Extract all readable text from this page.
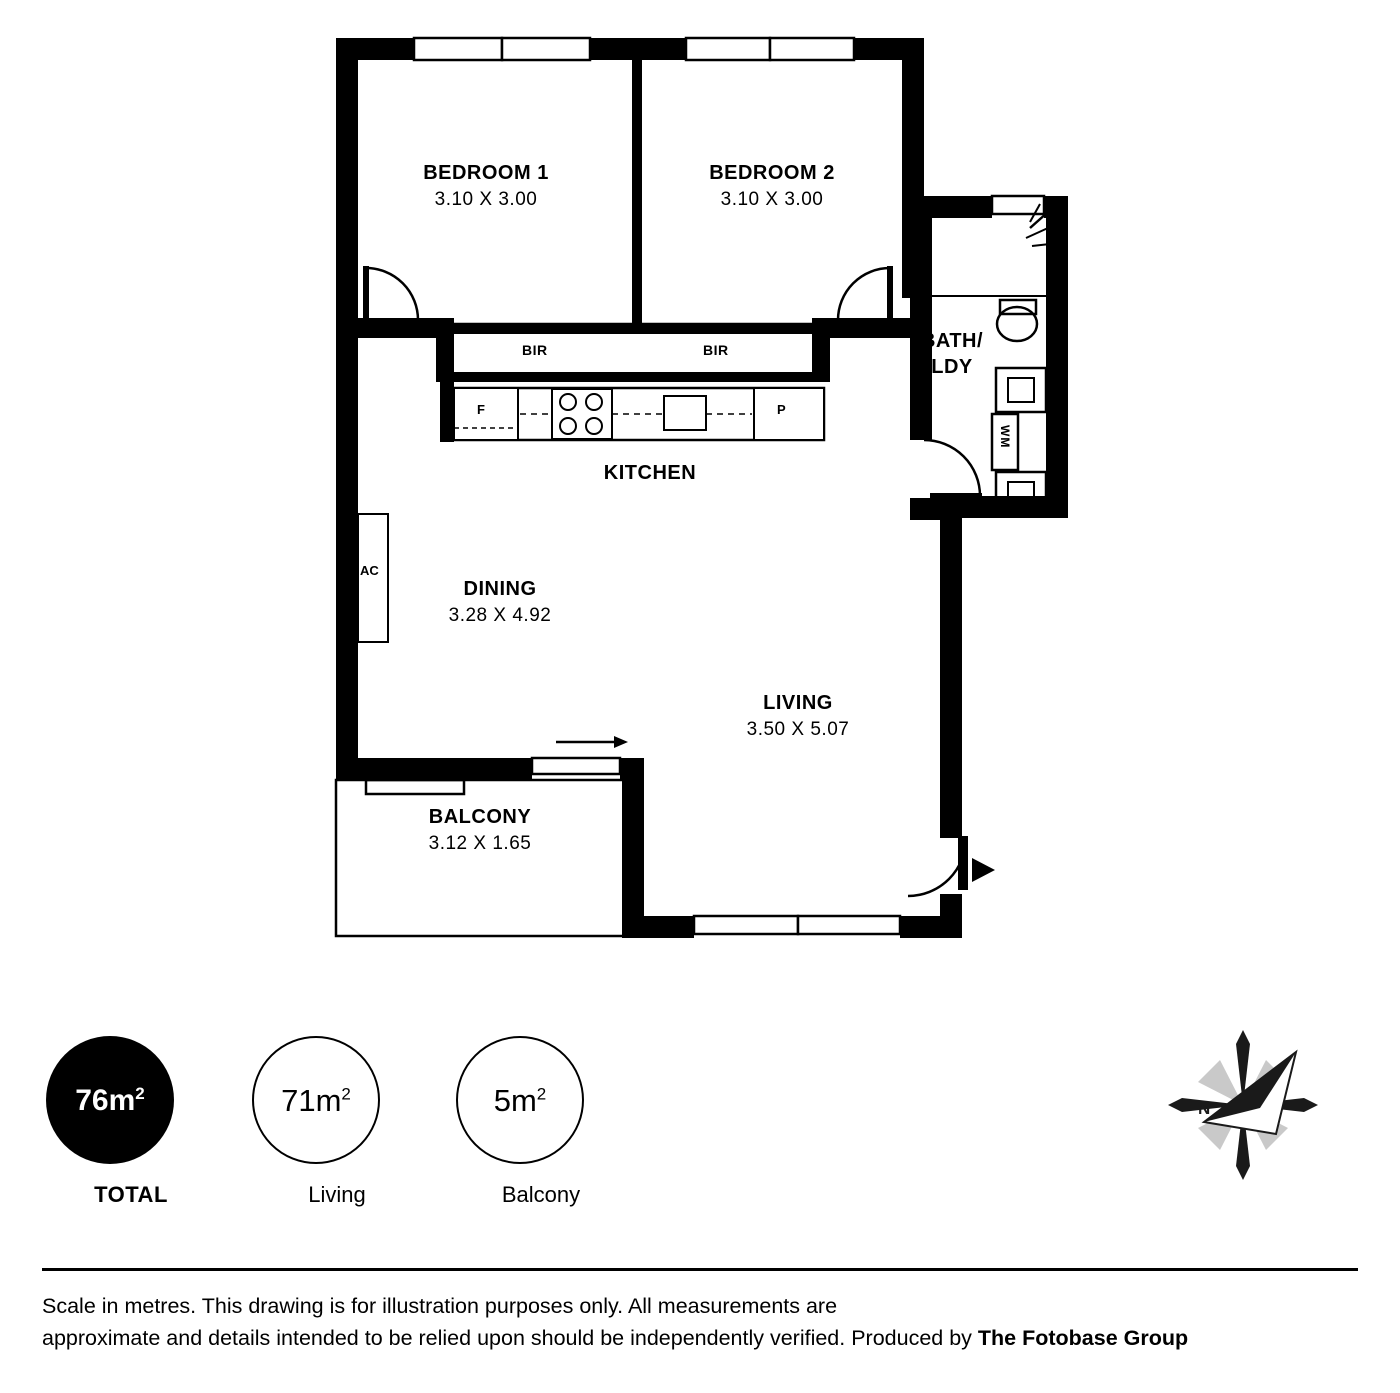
BEDROOM 1
3.10 X 3.00
BEDROOM 2
3.10 X 3.00
DINING
3.28 X 4.92
LIVING
3.50 X 5.07
BALCONY
3.12 X 1.65
KITCHEN
BATH/
LDY
BIR	BIR
F	P
AC
WM
$76m^2$
TOTAL
$71m^2$
Living
$5m^2$
Balcony
N
Scale in metres. This drawing is for illustration purposes only. All measurements are
approximate and details intended to be relied upon should be independently verified. Produced by The Fotobase Group
